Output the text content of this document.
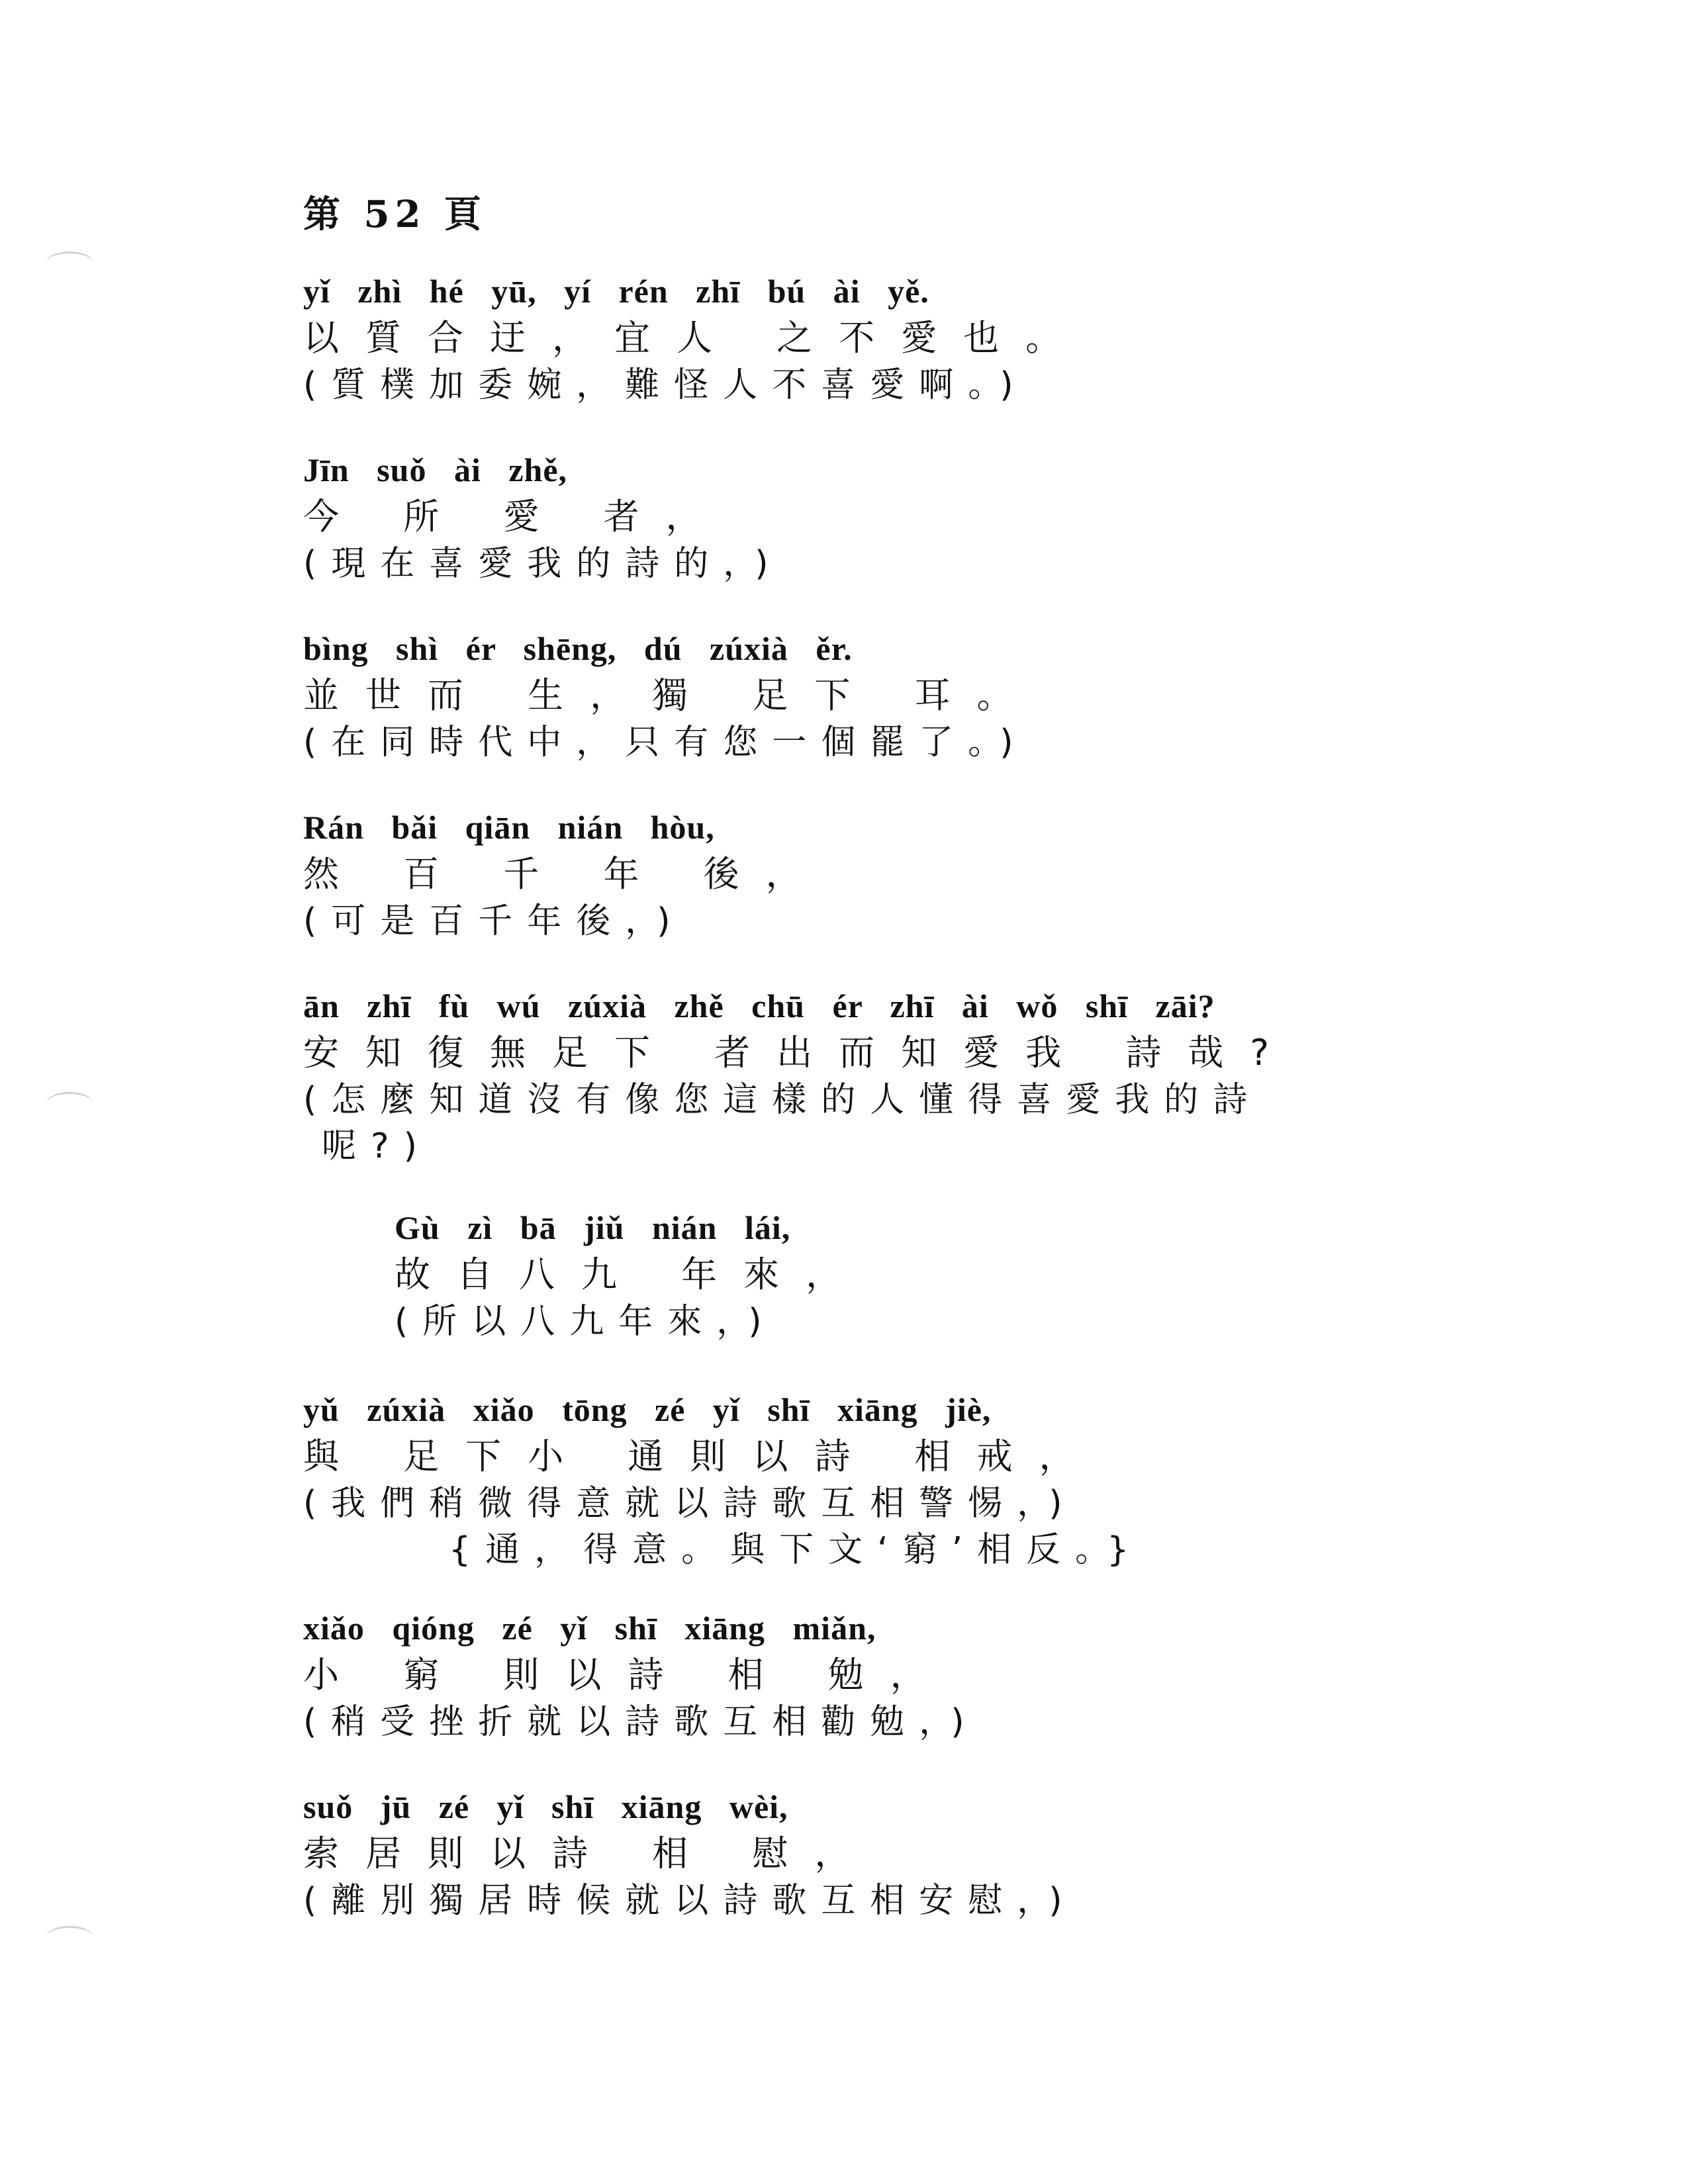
第 52 頁
yǐ zhì hé yū, yí rén zhī bú ài yě.
以質合迂，宜人 之不愛也。
(質樸加委婉，難怪人不喜愛啊。)
Jīn suǒ ài zhě,
今 所 愛 者，
(現在喜愛我的詩的，)
bìng shì ér shēng, dú zúxià ěr.
並世而 生，獨 足下 耳。
(在同時代中，只有您一個罷了。)
Rán bǎi qiān nián hòu,
然 百 千 年 後，
(可是百千年後，)
ān zhī fù wú zúxià zhě chū ér zhī ài wǒ shī zāi?
安知復無足下 者出而知愛我 詩哉?
(怎麼知道沒有像您這樣的人懂得喜愛我的詩
呢?)
Gù zì bā jiǔ nián lái,
故自八九 年來，
(所以八九年來，)
yǔ zúxià xiǎo tōng zé yǐ shī xiāng jiè,
與 足下小 通則以詩 相戒，
(我們稍微得意就以詩歌互相警惕，)
{通，得意。與下文‘窮’相反。}
xiǎo qióng zé yǐ shī xiāng miǎn,
小 窮 則以詩 相 勉，
(稍受挫折就以詩歌互相勸勉，)
suǒ jū zé yǐ shī xiāng wèi,
索居則以詩 相 慰，
(離別獨居時候就以詩歌互相安慰，)
